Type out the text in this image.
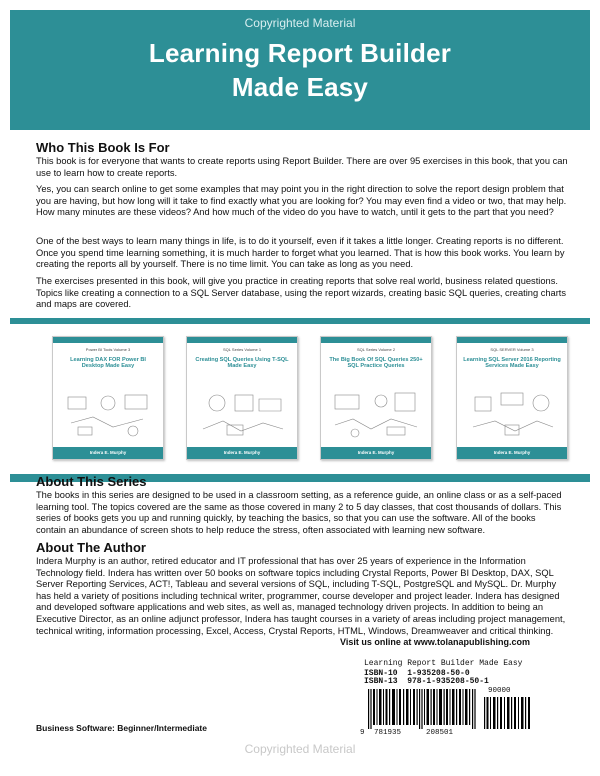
Copyrighted Material
Learning Report Builder
Made Easy
Who This Book Is For

This book is for everyone that wants to create reports using Report Builder. There are over 95 exercises in this book, that you can use to learn how to create reports.

Yes, you can search online to get some examples that may point you in the right direction to solve the report design problem that you are having, but how long will it take to find exactly what you are looking for? You may even find a video or two, that may help. How many minutes are these videos? And how much of the video do you have to watch, until it gets to the part that you need?

One of the best ways to learn many things in life, is to do it yourself, even if it takes a little longer. Creating reports is no different. Once you spend time learning something, it is much harder to forget what you learned. That is how this book works. You learn by creating the reports all by yourself. There is no time limit. You can take as long as you need.

The exercises presented in this book, will give you practice in creating reports that solve real world, business related questions. Topics like creating a connection to a SQL Server database, using the report wizards, creating basic SQL queries, creating charts and maps are covered.

Power BI Tools Volume 3
Learning DAX FOR Power BI Desktop Made Easy
Indera E. Murphy
SQL Series Volume 1
Creating SQL Queries Using T-SQL Made Easy
Indera E. Murphy
SQL Series Volume 2
The Big Book Of SQL Queries 250+ SQL Practice Queries
Indera E. Murphy
SQL SERVER Volume 3
Learning SQL Server 2016 Reporting Services Made Easy
Indera E. Murphy
About This Series

The books in this series are designed to be used in a classroom setting, as a reference guide, an online class or as a self-paced learning tool. The topics covered are the same as those covered in many 2 to 5 day classes, that cost thousands of dollars. This series of books gets you up and running quickly, by teaching the basics, so that you can use the software. All of the books contain an abundance of screen shots to help reduce the stress, often associated with learning new software.

About The Author

Indera Murphy is an author, retired educator and IT professional that has over 25 years of experience in the Information Technology field. Indera has written over 50 books on software topics including Crystal Reports, Power BI Desktop, DAX, SQL Server Reporting Services, ACT!, Tableau and several versions of SQL, including T-SQL, PostgreSQL and MySQL. Dr. Murphy has held a variety of positions including technical writer, programmer, course developer and project leader. Indera has designed and developed software applications and web sites, as well as, managed technology driven projects. In addition to being an Executive Director, as an online adjunct professor, Indera has taught courses in a variety of areas including project management, technical writing, information processing, Excel, Access, Crystal Reports, HTML, Windows, Dreamweaver and critical thinking.

Visit us online at www.tolanapublishing.com
Learning Report Builder Made Easy
ISBN-10  1-935208-50-0
ISBN-13  978-1-935208-50-1
90000
9 781935	208501
Business Software: Beginner/Intermediate
Copyrighted Material
